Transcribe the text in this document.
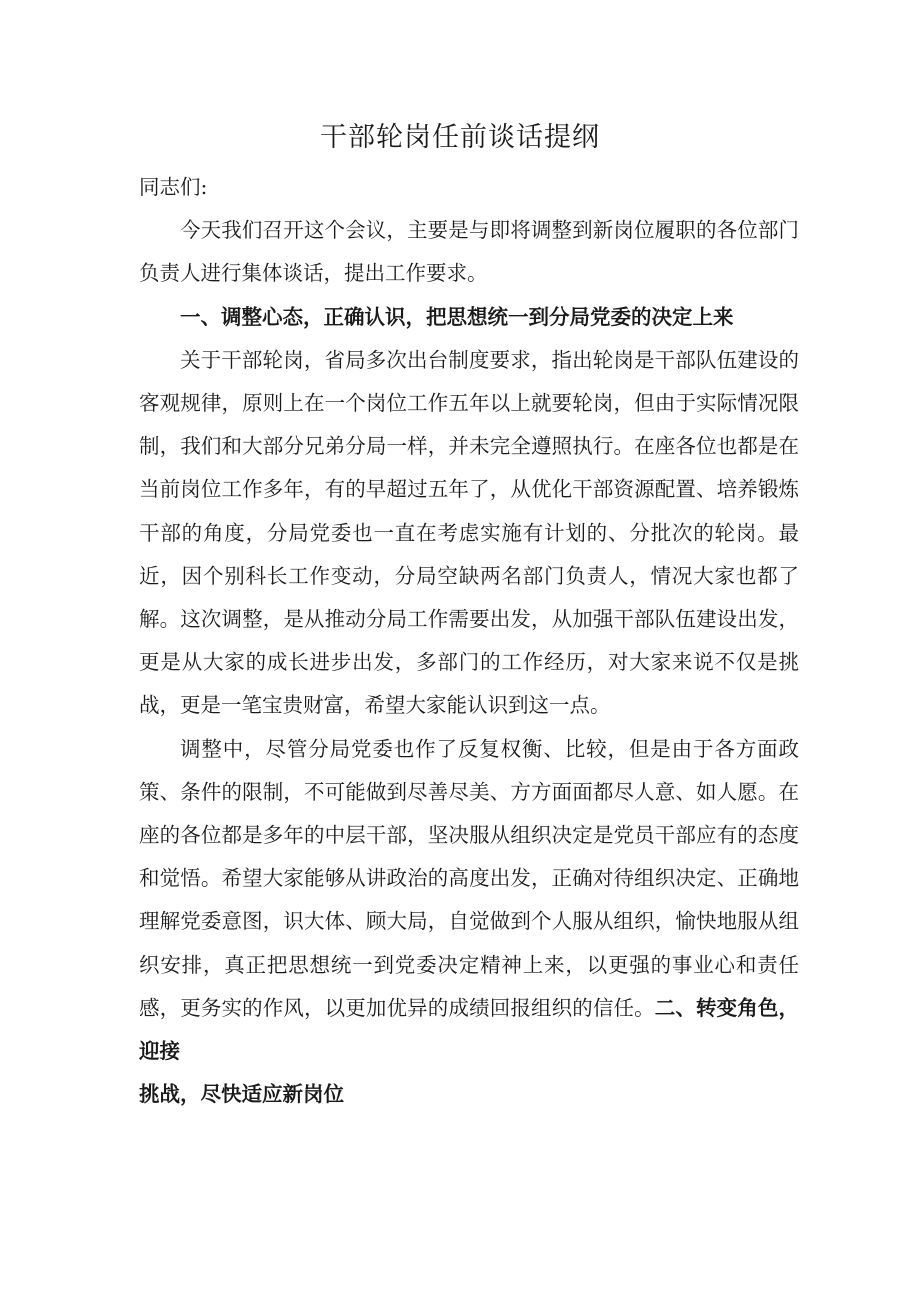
干部轮岗任前谈话提纲

同志们:

今天我们召开这个会议，主要是与即将调整到新岗位履职的各位部门负责人进行集体谈话，提出工作要求。

一、调整心态，正确认识，把思想统一到分局党委的决定上来

关于干部轮岗，省局多次出台制度要求，指出轮岗是干部队伍建设的客观规律，原则上在一个岗位工作五年以上就要轮岗，但由于实际情况限制，我们和大部分兄弟分局一样，并未完全遵照执行。在座各位也都是在当前岗位工作多年，有的早超过五年了，从优化干部资源配置、培养锻炼干部的角度，分局党委也一直在考虑实施有计划的、分批次的轮岗。最近，因个别科长工作变动，分局空缺两名部门负责人，情况大家也都了解。这次调整，是从推动分局工作需要出发，从加强干部队伍建设出发，更是从大家的成长进步出发，多部门的工作经历，对大家来说不仅是挑战，更是一笔宝贵财富，希望大家能认识到这一点。

调整中，尽管分局党委也作了反复权衡、比较，但是由于各方面政策、条件的限制，不可能做到尽善尽美、方方面面都尽人意、如人愿。在座的各位都是多年的中层干部，坚决服从组织决定是党员干部应有的态度和觉悟。希望大家能够从讲政治的高度出发，正确对待组织决定、正确地理解党委意图，识大体、顾大局，自觉做到个人服从组织，愉快地服从组织安排，真正把思想统一到党委决定精神上来，以更强的事业心和责任感，更务实的作风，以更加优异的成绩回报组织的信任。二、转变角色，迎接

挑战，尽快适应新岗位
